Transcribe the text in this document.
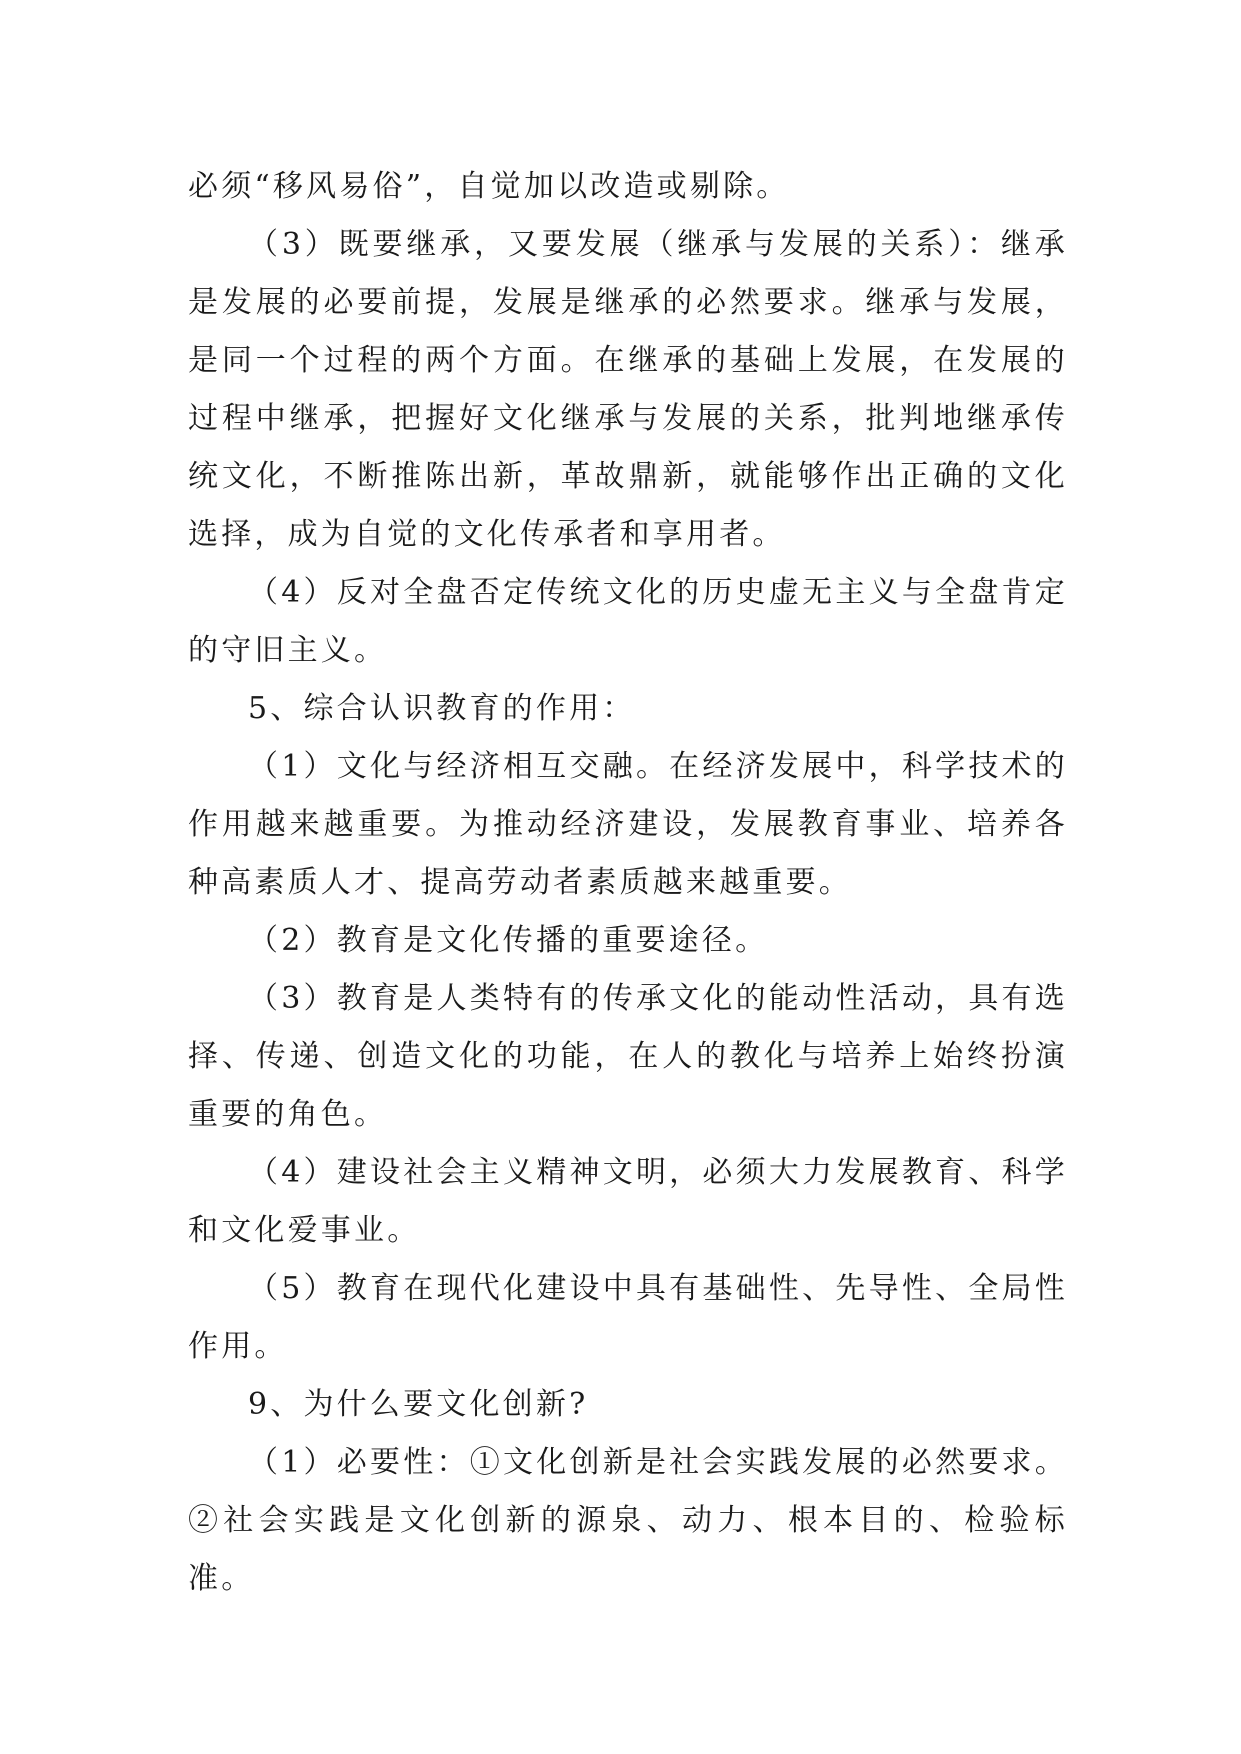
必须“移风易俗”，自觉加以改造或剔除。

（3）既要继承，又要发展（继承与发展的关系）：继承是发展的必要前提，发展是继承的必然要求。继承与发展，是同一个过程的两个方面。在继承的基础上发展，在发展的过程中继承，把握好文化继承与发展的关系，批判地继承传统文化，不断推陈出新，革故鼎新，就能够作出正确的文化选择，成为自觉的文化传承者和享用者。

（4）反对全盘否定传统文化的历史虚无主义与全盘肯定的守旧主义。

5、综合认识教育的作用：

（1）文化与经济相互交融。在经济发展中，科学技术的作用越来越重要。为推动经济建设，发展教育事业、培养各种高素质人才、提高劳动者素质越来越重要。

（2）教育是文化传播的重要途径。

（3）教育是人类特有的传承文化的能动性活动，具有选择、传递、创造文化的功能，在人的教化与培养上始终扮演重要的角色。

（4）建设社会主义精神文明，必须大力发展教育、科学和文化爱事业。

（5）教育在现代化建设中具有基础性、先导性、全局性作用。

9、为什么要文化创新?

（1）必要性：①文化创新是社会实践发展的必然要求。②社会实践是文化创新的源泉、动力、根本目的、检验标准。
